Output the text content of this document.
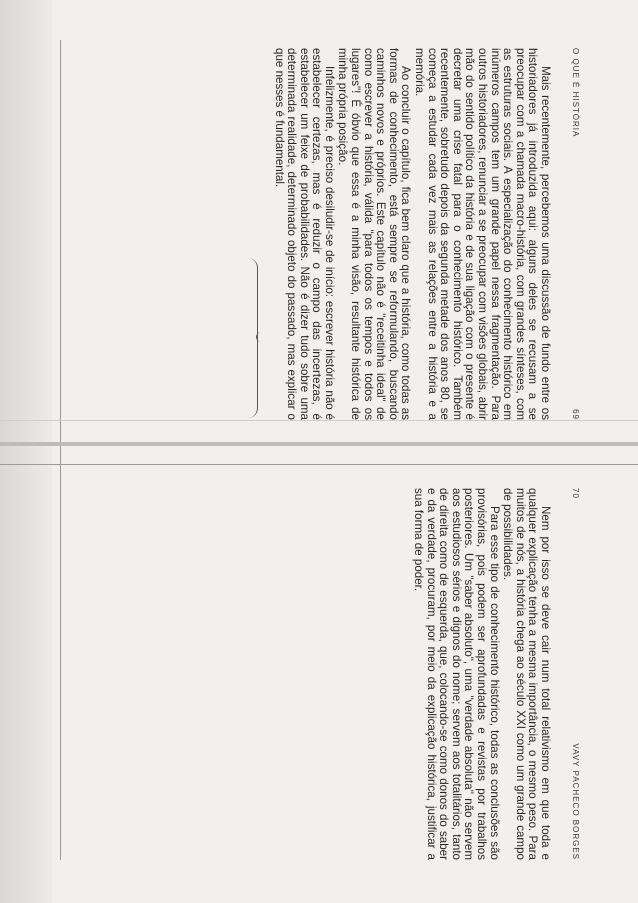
O QUE É HISTÓRIA
69

Mais recentemente, percebemos uma discussão de fundo entre os historiadores já introduzida aqui: alguns deles se recusam a se preocupar com a chamada macro-história, com grandes sínteses, com as estruturas sociais. A especialização do conhecimento histórico em inúmeros campos tem um grande papel nessa fragmentação. Para outros historiadores, renunciar a se preocupar com visões globais, abrir mão do sentido político da história e de sua ligação com o presente é decretar uma crise fatal para o conhecimento histórico. Também recentemente, sobretudo depois da segunda metade dos anos 80, se começa a estudar cada vez mais as relações entre a história e a memória.

Ao concluir o capítulo, fica bem claro que a história, como todas as formas de conhecimento, está sempre se reformulando, buscando caminhos novos e próprios. Este capítulo não é "receitinha ideal" de como escrever a história, válida "para todos os tempos e todos os lugares"! É óbvio que essa é a minha visão, resultante histórica de minha própria posição.

Infelizmente, é preciso desiludir-se de início: escrever história não é estabelecer certezas, mas é reduzir o campo das incertezas, é estabelecer um feixe de probabilidades. Não é dizer tudo sobre uma determinada realidade, determinado objeto do passado, mas explicar o que nesses é fundamental.

70
VAVY PACHECO BORGES

Nem por isso se deve cair num total relativismo em que toda e qualquer explicação tenha a mesma importância, o mesmo peso. Para muitos de nós, a história chega ao século XXI como um grande campo de possibilidades.

Para esse tipo de conhecimento histórico, todas as conclusões são provisórias, pois podem ser aprofundadas e revistas por trabalhos posteriores. Um "saber absoluto", uma "verdade absoluta" não servem aos estudiosos sérios e dignos do nome; servem aos totalitários, tanto de direita como de esquerda, que, colocando-se como donos do saber e da verdade, procuram, por meio da explicação histórica, justificar a sua forma de poder.
